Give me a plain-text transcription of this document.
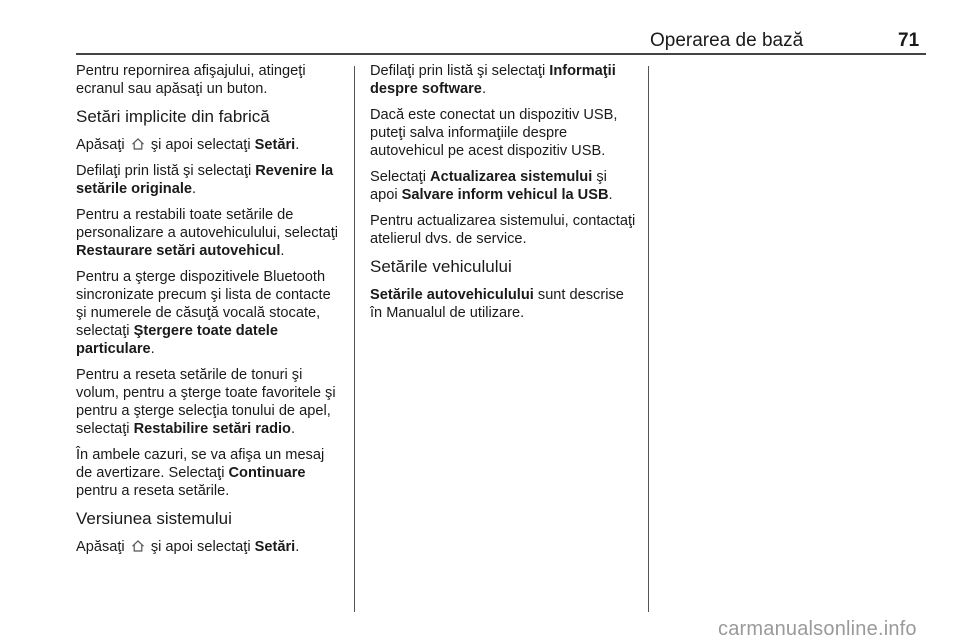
Operarea de bază	71

Pentru repornirea afişajului, atingeţi ecranul sau apăsaţi un buton.

Setări implicite din fabrică

Apăsaţi şi apoi selectaţi Setări.

Defilaţi prin listă şi selectaţi Revenire la setările originale.

Pentru a restabili toate setările de personalizare a autovehiculului, selectaţi Restaurare setări autovehicul.

Pentru a şterge dispozitivele Bluetooth sincronizate precum şi lista de contacte şi numerele de căsuţă vocală stocate, selectaţi Ştergere toate datele particulare.

Pentru a reseta setările de tonuri şi volum, pentru a şterge toate favoritele şi pentru a şterge selecţia tonului de apel, selectaţi Restabilire setări radio.

În ambele cazuri, se va afişa un mesaj de avertizare. Selectaţi Continuare pentru a reseta setările.

Versiunea sistemului

Apăsaţi şi apoi selectaţi Setări.

Defilaţi prin listă şi selectaţi Informaţii despre software.

Dacă este conectat un dispozitiv USB, puteţi salva informaţiile despre autovehicul pe acest dispozitiv USB.

Selectaţi Actualizarea sistemului şi apoi Salvare inform vehicul la USB.

Pentru actualizarea sistemului, contactaţi atelierul dvs. de service.

Setările vehiculului

Setările autovehiculului sunt descrise în Manualul de utilizare.

carmanualsonline.info
